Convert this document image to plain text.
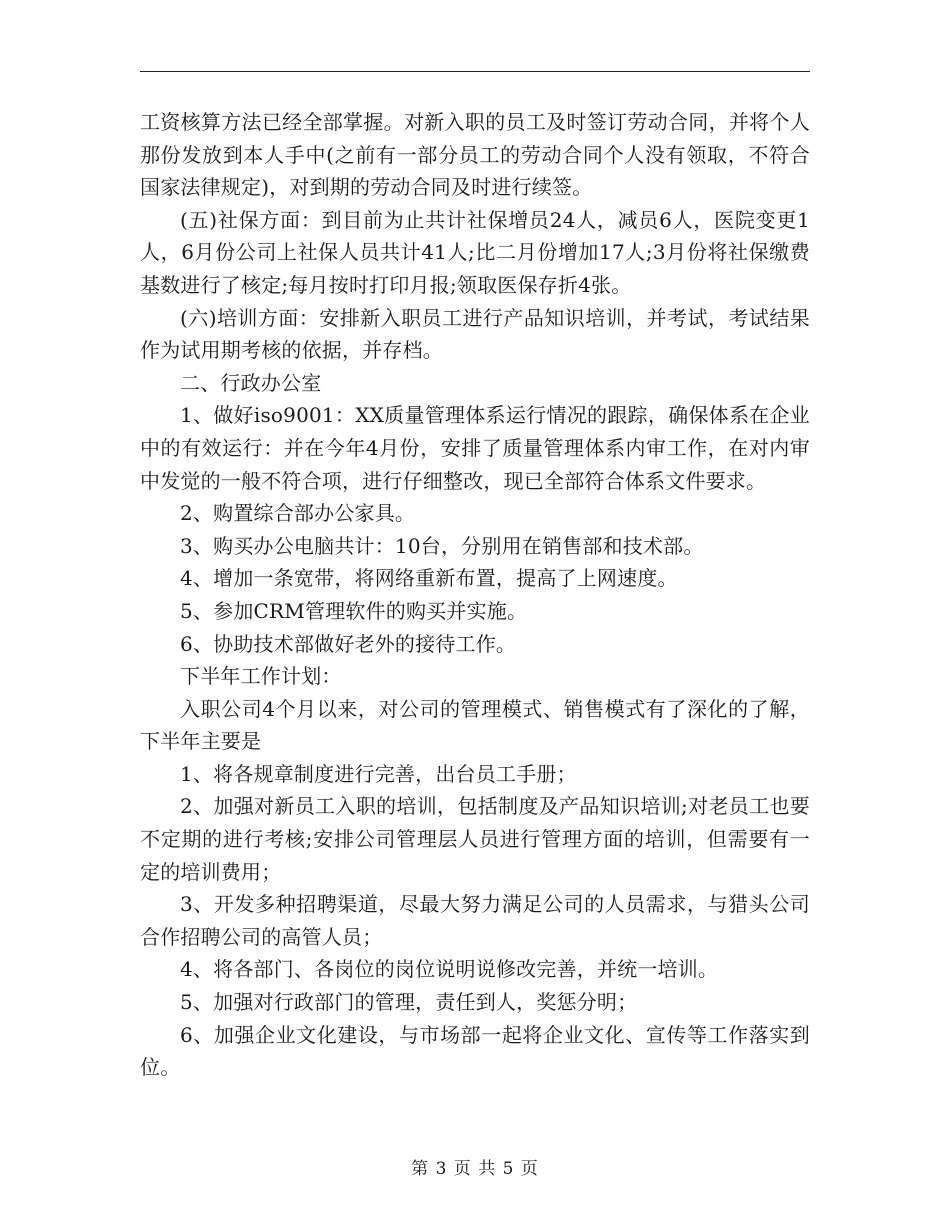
工资核算方法已经全部掌握。对新入职的员工及时签订劳动合同，并将个人那份发放到本人手中(之前有一部分员工的劳动合同个人没有领取，不符合国家法律规定)，对到期的劳动合同及时进行续签。

(五)社保方面：到目前为止共计社保增员24人，减员6人，医院变更1人，6月份公司上社保人员共计41人;比二月份增加17人;3月份将社保缴费基数进行了核定;每月按时打印月报;领取医保存折4张。

(六)培训方面：安排新入职员工进行产品知识培训，并考试，考试结果作为试用期考核的依据，并存档。

二、行政办公室

1、做好iso9001：XX质量管理体系运行情况的跟踪，确保体系在企业中的有效运行：并在今年4月份，安排了质量管理体系内审工作，在对内审中发觉的一般不符合项，进行仔细整改，现已全部符合体系文件要求。

2、购置综合部办公家具。

3、购买办公电脑共计：10台，分别用在销售部和技术部。

4、增加一条宽带，将网络重新布置，提高了上网速度。

5、参加CRM管理软件的购买并实施。

6、协助技术部做好老外的接待工作。

下半年工作计划：

入职公司4个月以来，对公司的管理模式、销售模式有了深化的了解，下半年主要是

1、将各规章制度进行完善，出台员工手册；

2、加强对新员工入职的培训，包括制度及产品知识培训;对老员工也要不定期的进行考核;安排公司管理层人员进行管理方面的培训，但需要有一定的培训费用；

3、开发多种招聘渠道，尽最大努力满足公司的人员需求，与猎头公司合作招聘公司的高管人员；

4、将各部门、各岗位的岗位说明说修改完善，并统一培训。

5、加强对行政部门的管理，责任到人，奖惩分明；

6、加强企业文化建设，与市场部一起将企业文化、宣传等工作落实到位。

第 3 页 共 5 页
